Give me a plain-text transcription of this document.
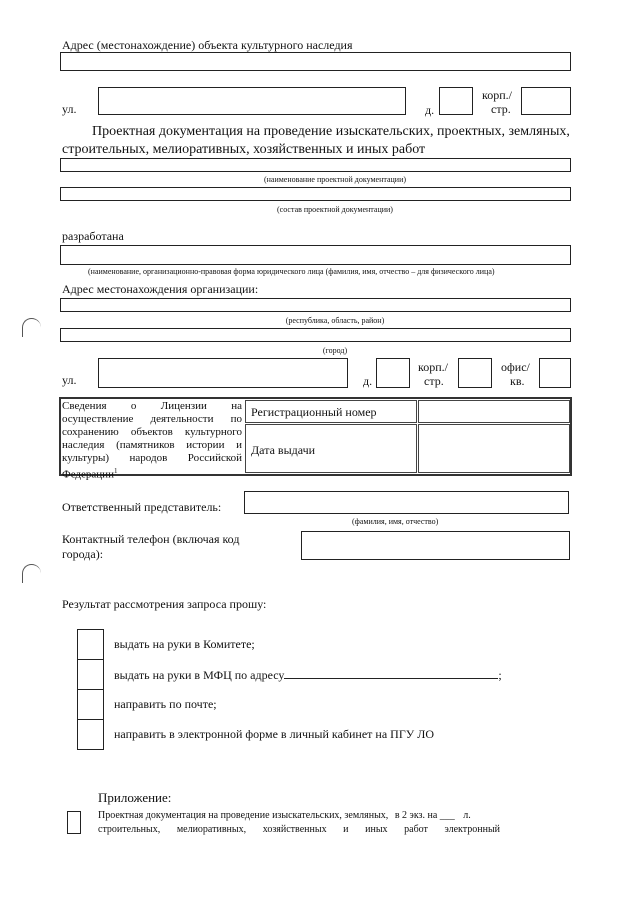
Адрес (местонахождение) объекта культурного наследия
ул.	д.
корп./
стр.
Проектная документация на проведение изыскательских, проектных, земляных,
строительных, мелиоративных, хозяйственных и иных работ
(наименование проектной документации)
(состав проектной документации)
разработана
(наименование, организационно-правовая форма юридического лица (фамилия, имя, отчество – для физического лица)
Адрес местонахождения организации:
(республика, область, район)
(город)
ул.	д.
корп./
стр.
офис/
кв.
Сведения о Лицензии на
осуществление деятельности по
сохранению объектов культурного
наследия (памятников истории и
культуры) народов Российской
Федерации$^1$
Регистрационный номер
Дата выдачи
Ответственный представитель:
(фамилия, имя, отчество)
Контактный телефон (включая код
города):
Результат рассмотрения запроса прошу:
выдать на руки в Комитете;
выдать на руки в МФЦ по адресу	;
направить по почте;
направить в электронной форме в личный кабинет на ПГУ ЛО
Приложение:
Проектная документация на проведение изыскательских, земляных, в 2 экз. на ___ л.
строительных, мелиоративных, хозяйственных и иных работ электронный
